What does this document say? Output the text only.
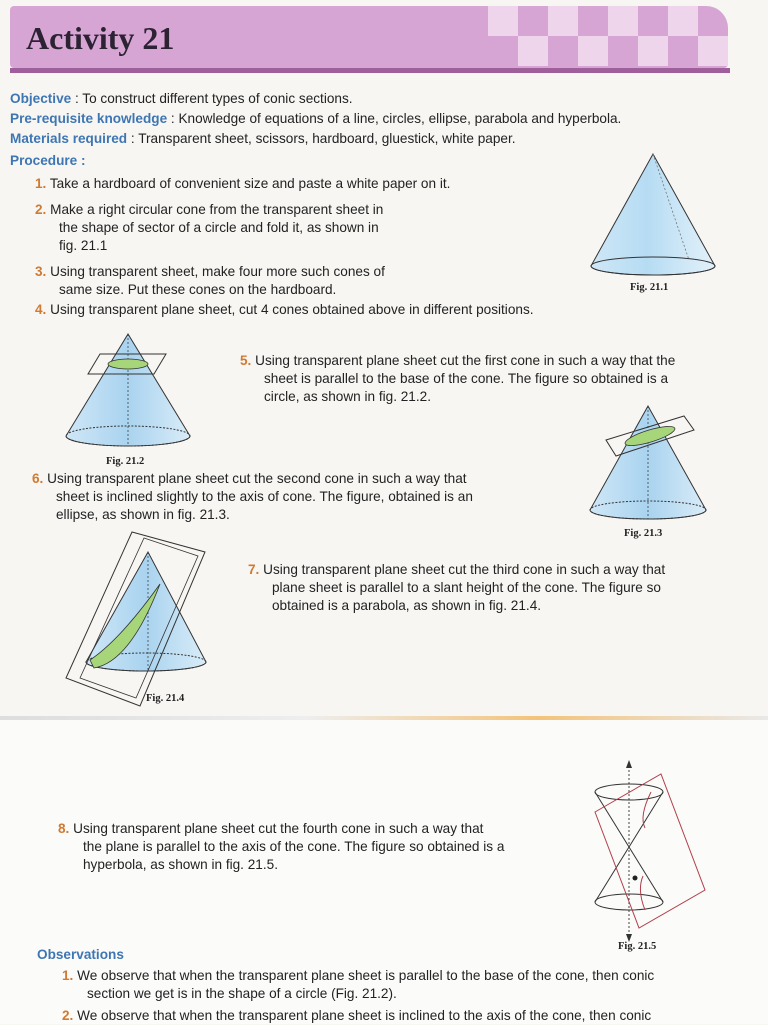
Activity 21
Objective : To construct different types of conic sections.
Pre-requisite knowledge : Knowledge of equations of a line, circles, ellipse, parabola and hyperbola.
Materials required : Transparent sheet, scissors, hardboard, gluestick, white paper.
Procedure :
1. Take a hardboard of convenient size and paste a white paper on it.
2. Make a right circular cone from the transparent sheet in
the shape of sector of a circle and fold it, as shown in
fig. 21.1
3. Using transparent sheet, make four more such cones of
same size. Put these cones on the hardboard.
4. Using transparent plane sheet, cut 4 cones obtained above in different positions.
Fig. 21.1
Fig. 21.2
5. Using transparent plane sheet cut the first cone in such a way that the
sheet is parallel to the base of the cone. The figure so obtained is a
circle, as shown in fig. 21.2.
Fig. 21.3
6. Using transparent plane sheet cut the second cone in such a way that
sheet is inclined slightly to the axis of cone. The figure, obtained is an
ellipse, as shown in fig. 21.3.
Fig. 21.4
7. Using transparent plane sheet cut the third cone in such a way that
plane sheet is parallel to a slant height of the cone. The figure so
obtained is a parabola, as shown in fig. 21.4.
8. Using transparent plane sheet cut the fourth cone in such a way that
the plane is parallel to the axis of the cone. The figure so obtained is a
hyperbola, as shown in fig. 21.5.
Fig. 21.5
Observations
1. We observe that when the transparent plane sheet is parallel to the base of the cone, then conic
section we get is in the shape of a circle (Fig. 21.2).
2. We observe that when the transparent plane sheet is inclined to the axis of the cone, then conic
